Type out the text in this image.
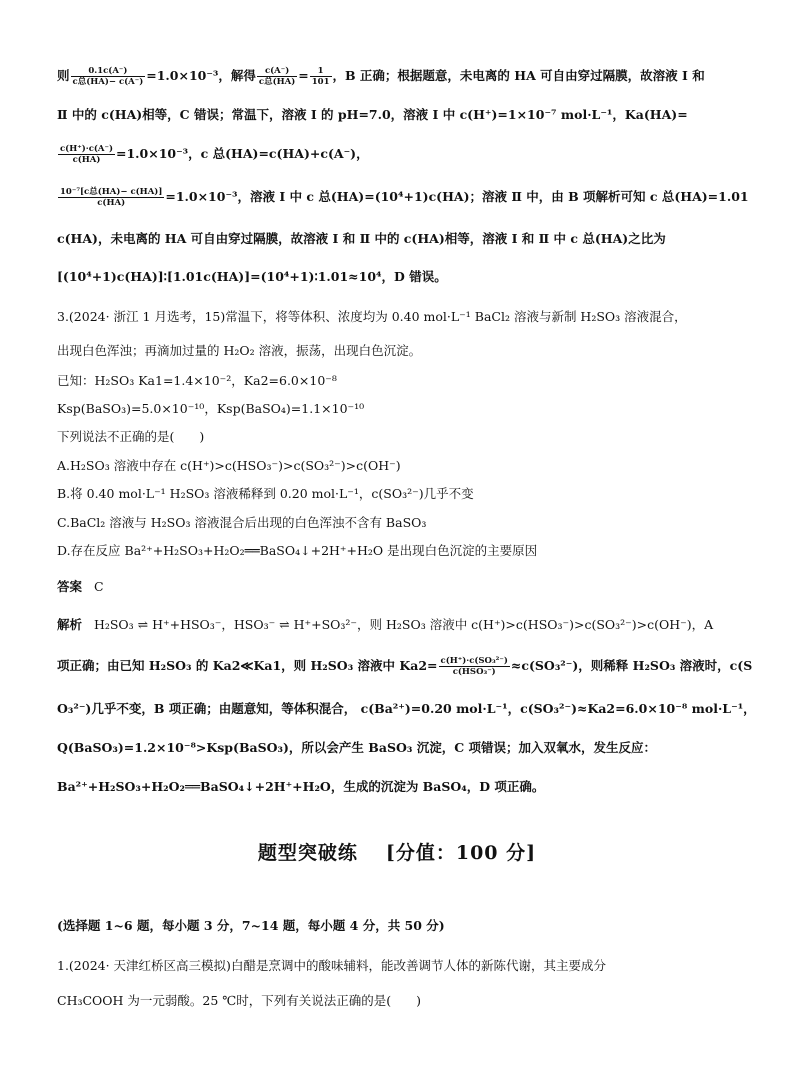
则 $\frac{0.1c(A^-)}{\text{c总(HA)− c(A⁻)}} =1.0\times 10^{-3}$，解得 $\frac{c(A^-)}{\text{c总(HA)}} = \frac{1}{101}$ ，B 正确；根据题意，未电离的 HA 可自由穿过隔膜，故溶液 Ⅰ 和
Ⅱ 中的 c(HA)相等，C 错误；常温下，溶液 Ⅰ 的 pH=7.0，溶液 Ⅰ 中 c(H⁺)=1×10⁻⁷ mol·L⁻¹，Ka(HA)=
$\frac{c(H^+)\cdot c(A^-)}{c(HA)} =1.0\times 10^{-3}$，c 总(HA)=c(HA)+c(A⁻)，
$\frac{\text{10⁻⁷[c总(HA)− c(HA)]}}{c(HA)} =1.0\times 10^{-3}$，溶液 Ⅰ 中 c 总(HA)=(10⁴+1)c(HA)；溶液 Ⅱ 中，由 B 项解析可知 c 总(HA)=1.01
c(HA)，未电离的 HA 可自由穿过隔膜，故溶液 Ⅰ 和 Ⅱ 中的 c(HA)相等，溶液 Ⅰ 和 Ⅱ 中 c 总(HA)之比为
[(10⁴+1)c(HA)]∶[1.01c(HA)]=(10⁴+1)∶1.01≈10⁴，D 错误。
3.(2024· 浙江 1 月选考，15)常温下，将等体积、浓度均为 0.40 mol·L⁻¹ BaCl₂ 溶液与新制 H₂SO₃ 溶液混合，
出现白色浑浊；再滴加过量的 H₂O₂ 溶液，振荡，出现白色沉淀。
已知：H₂SO₃ Ka1=1.4×10⁻²，Ka2=6.0×10⁻⁸
Ksp(BaSO₃)=5.0×10⁻¹⁰，Ksp(BaSO₄)=1.1×10⁻¹⁰
下列说法不正确的是(　　)
A.H₂SO₃ 溶液中存在 c(H⁺)>c(HSO₃⁻)>c(SO₃²⁻)>c(OH⁻)
B.将 0.40 mol·L⁻¹ H₂SO₃ 溶液稀释到 0.20 mol·L⁻¹，c(SO₃²⁻)几乎不变
C.BaCl₂ 溶液与 H₂SO₃ 溶液混合后出现的白色浑浊不含有 BaSO₃
D.存在反应 Ba²⁺+H₂SO₃+H₂O₂══BaSO₄↓+2H⁺+H₂O 是出现白色沉淀的主要原因
答案 C
解析 H₂SO₃ ⇌ H⁺+HSO₃⁻，HSO₃⁻ ⇌ H⁺+SO₃²⁻，则 H₂SO₃ 溶液中 c(H⁺)>c(HSO₃⁻)>c(SO₃²⁻)>c(OH⁻)，A
项正确；由已知 H₂SO₃ 的 Ka2≪Ka1，则 H₂SO₃ 溶液中 $Ka2= \frac{\text{c(H⁺)·c(SO₃²⁻)}}{\text{c(HSO₃⁻)}} \approx c(SO_3^{2-})$，则稀释 H₂SO₃ 溶液时，c(S
O₃²⁻)几乎不变，B 项正确；由题意知，等体积混合， c(Ba²⁺)=0.20 mol·L⁻¹，c(SO₃²⁻)≈Ka2=6.0×10⁻⁸ mol·L⁻¹，
Q(BaSO₃)=1.2×10⁻⁸>Ksp(BaSO₃)，所以会产生 BaSO₃ 沉淀，C 项错误；加入双氧水，发生反应：
Ba²⁺+H₂SO₃+H₂O₂══BaSO₄↓+2H⁺+H₂O，生成的沉淀为 BaSO₄，D 项正确。
题型突破练 [分值：100 分]
(选择题 1~6 题，每小题 3 分，7~14 题，每小题 4 分，共 50 分)
1.(2024· 天津红桥区高三模拟)白醋是烹调中的酸味辅料，能改善调节人体的新陈代谢，其主要成分
CH₃COOH 为一元弱酸。25 ℃时，下列有关说法正确的是(　　)
